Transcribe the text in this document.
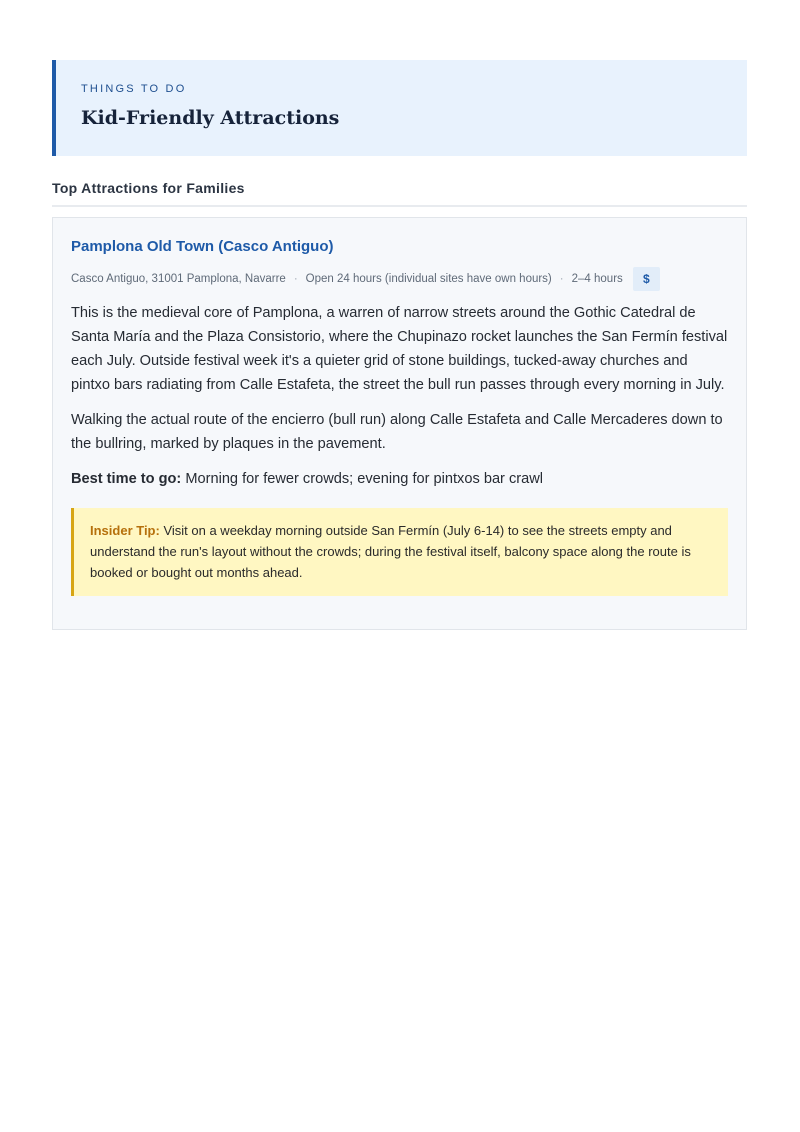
THINGS TO DO
Kid-Friendly Attractions
Top Attractions for Families
Pamplona Old Town (Casco Antiguo)
Casco Antiguo, 31001 Pamplona, Navarre · Open 24 hours (individual sites have own hours) · 2–4 hours	$

This is the medieval core of Pamplona, a warren of narrow streets around the Gothic Catedral de Santa María and the Plaza Consistorio, where the Chupinazo rocket launches the San Fermín festival each July. Outside festival week it's a quieter grid of stone buildings, tucked-away churches and pintxo bars radiating from Calle Estafeta, the street the bull run passes through every morning in July.

Walking the actual route of the encierro (bull run) along Calle Estafeta and Calle Mercaderes down to the bullring, marked by plaques in the pavement.

Best time to go: Morning for fewer crowds; evening for pintxos bar crawl
Insider Tip: Visit on a weekday morning outside San Fermín (July 6-14) to see the streets empty and understand the run's layout without the crowds; during the festival itself, balcony space along the route is booked or bought out months ahead.
